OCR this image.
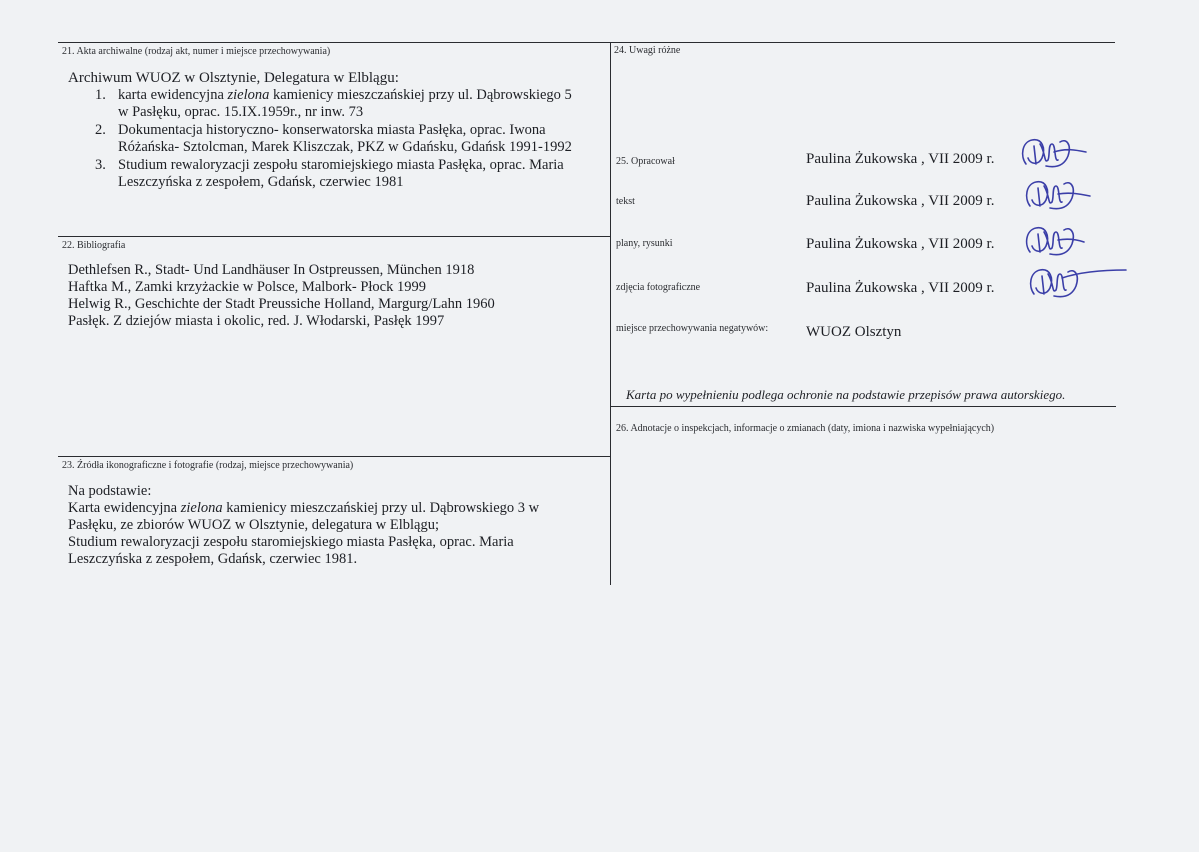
21. Akta archiwalne (rodzaj akt, numer i miejsce przechowywania)
Archiwum WUOZ w Olsztynie, Delegatura w Elblągu:
1. karta ewidencyjna zielona kamienicy mieszczańskiej przy ul. Dąbrowskiego 5
w Pasłęku, oprac. 15.IX.1959r., nr inw. 73
2. Dokumentacja historyczno- konserwatorska miasta Pasłęka, oprac. Iwona
Różańska- Sztolcman, Marek Kliszczak, PKZ w Gdańsku, Gdańsk 1991-1992
3. Studium rewaloryzacji zespołu staromiejskiego miasta Pasłęka, oprac. Maria
Leszczyńska z zespołem, Gdańsk, czerwiec 1981
22. Bibliografia
Dethlefsen R., Stadt- Und Landhäuser In Ostpreussen, München 1918
Haftka M., Zamki krzyżackie w Polsce, Malbork- Płock 1999
Helwig R., Geschichte der Stadt Preussiche Holland, Margurg/Lahn 1960
Pasłęk. Z dziejów miasta i okolic, red. J. Włodarski, Pasłęk 1997
23. Źródła ikonograficzne i fotografie (rodzaj, miejsce przechowywania)
Na podstawie:
Karta ewidencyjna zielona kamienicy mieszczańskiej przy ul. Dąbrowskiego 3 w
Pasłęku, ze zbiorów WUOZ w Olsztynie, delegatura w Elblągu;
Studium rewaloryzacji zespołu staromiejskiego miasta Pasłęka, oprac. Maria
Leszczyńska z zespołem, Gdańsk, czerwiec 1981.
24. Uwagi różne
25. Opracował	Paulina Żukowska , VII 2009 r.
tekst	Paulina Żukowska , VII 2009 r.
plany, rysunki	Paulina Żukowska , VII 2009 r.
zdjęcia fotograficzne	Paulina Żukowska , VII 2009 r.
miejsce przechowywania negatywów:	WUOZ Olsztyn
Karta po wypełnieniu podlega ochronie na podstawie przepisów prawa autorskiego.
26. Adnotacje o inspekcjach, informacje o zmianach (daty, imiona i nazwiska wypełniających)
